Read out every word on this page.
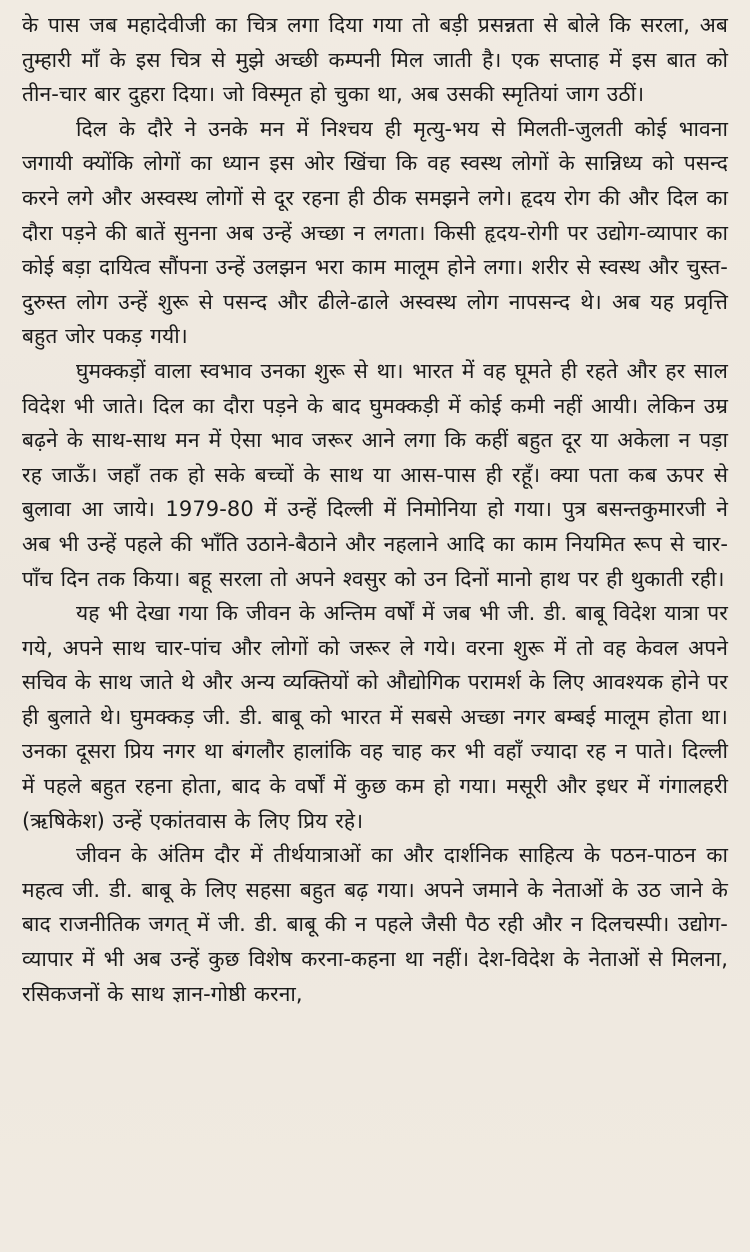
के पास जब महादेवीजी का चित्र लगा दिया गया तो बड़ी प्रसन्नता से बोले कि सरला, अब तुम्हारी माँ के इस चित्र से मुझे अच्छी कम्पनी मिल जाती है। एक सप्ताह में इस बात को तीन-चार बार दुहरा दिया। जो विस्मृत हो चुका था, अब उसकी स्मृतियां जाग उठीं।

दिल के दौरे ने उनके मन में निश्चय ही मृत्यु-भय से मिलती-जुलती कोई भावना जगायी क्योंकि लोगों का ध्यान इस ओर खिंचा कि वह स्वस्थ लोगों के सान्निध्य को पसन्द करने लगे और अस्वस्थ लोगों से दूर रहना ही ठीक समझने लगे। हृदय रोग की और दिल का दौरा पड़ने की बातें सुनना अब उन्हें अच्छा न लगता। किसी हृदय-रोगी पर उद्योग-व्यापार का कोई बड़ा दायित्व सौंपना उन्हें उलझन भरा काम मालूम होने लगा। शरीर से स्वस्थ और चुस्त-दुरुस्त लोग उन्हें शुरू से पसन्द और ढीले-ढाले अस्वस्थ लोग नापसन्द थे। अब यह प्रवृत्ति बहुत जोर पकड़ गयी।

घुमक्कड़ों वाला स्वभाव उनका शुरू से था। भारत में वह घूमते ही रहते और हर साल विदेश भी जाते। दिल का दौरा पड़ने के बाद घुमक्कड़ी में कोई कमी नहीं आयी। लेकिन उम्र बढ़ने के साथ-साथ मन में ऐसा भाव जरूर आने लगा कि कहीं बहुत दूर या अकेला न पड़ा रह जाऊँ। जहाँ तक हो सके बच्चों के साथ या आस-पास ही रहूँ। क्या पता कब ऊपर से बुलावा आ जाये। 1979-80 में उन्हें दिल्ली में निमोनिया हो गया। पुत्र बसन्तकुमारजी ने अब भी उन्हें पहले की भाँति उठाने-बैठाने और नहलाने आदि का काम नियमित रूप से चार-पाँच दिन तक किया। बहू सरला तो अपने श्वसुर को उन दिनों मानो हाथ पर ही थुकाती रही।

यह भी देखा गया कि जीवन के अन्तिम वर्षों में जब भी जी. डी. बाबू विदेश यात्रा पर गये, अपने साथ चार-पांच और लोगों को जरूर ले गये। वरना शुरू में तो वह केवल अपने सचिव के साथ जाते थे और अन्य व्यक्तियों को औद्योगिक परामर्श के लिए आवश्यक होने पर ही बुलाते थे। घुमक्कड़ जी. डी. बाबू को भारत में सबसे अच्छा नगर बम्बई मालूम होता था। उनका दूसरा प्रिय नगर था बंगलौर हालांकि वह चाह कर भी वहाँ ज्यादा रह न पाते। दिल्ली में पहले बहुत रहना होता, बाद के वर्षों में कुछ कम हो गया। मसूरी और इधर में गंगालहरी (ऋषिकेश) उन्हें एकांतवास के लिए प्रिय रहे।

जीवन के अंतिम दौर में तीर्थयात्राओं का और दार्शनिक साहित्य के पठन-पाठन का महत्व जी. डी. बाबू के लिए सहसा बहुत बढ़ गया। अपने जमाने के नेताओं के उठ जाने के बाद राजनीतिक जगत् में जी. डी. बाबू की न पहले जैसी पैठ रही और न दिलचस्पी। उद्योग-व्यापार में भी अब उन्हें कुछ विशेष करना-कहना था नहीं। देश-विदेश के नेताओं से मिलना, रसिकजनों के साथ ज्ञान-गोष्ठी करना,
